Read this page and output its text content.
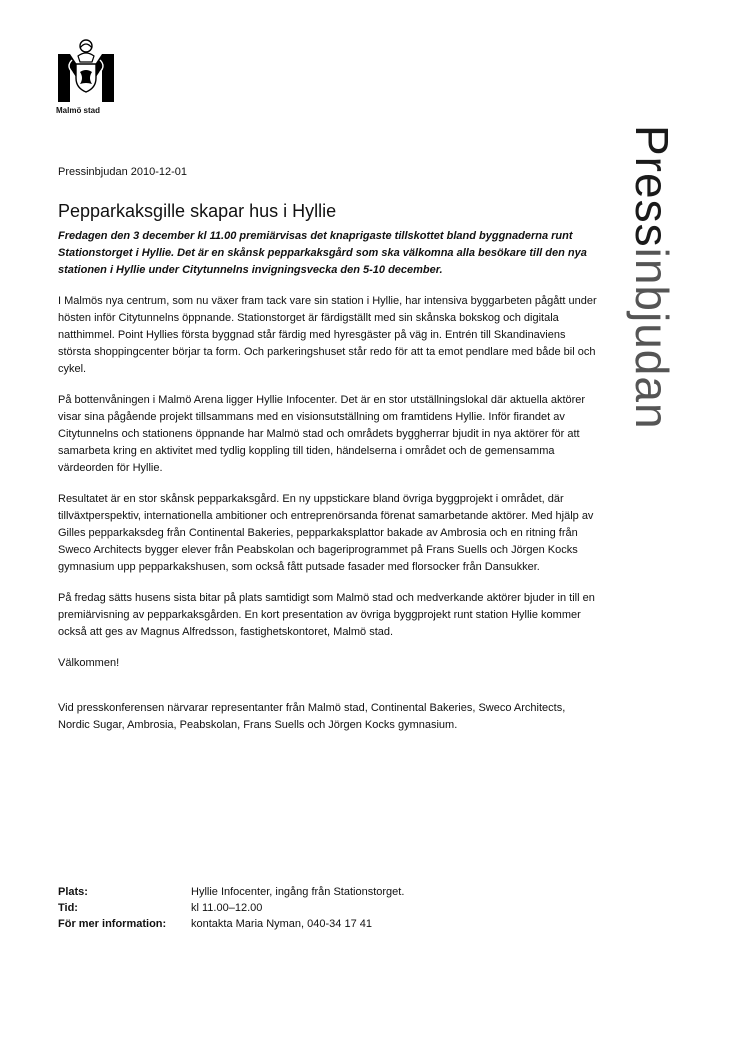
Malmö stad
Pressinbjudan

Pressinbjudan 2010-12-01

Pepparkaksgille skapar hus i Hyllie

Fredagen den 3 december kl 11.00 premiärvisas det knaprigaste tillskottet bland byggnaderna runt Stationstorget i Hyllie. Det är en skånsk pepparkaksgård som ska välkomna alla besökare till den nya stationen i Hyllie under Citytunnelns invigningsvecka den 5-10 december.

I Malmös nya centrum, som nu växer fram tack vare sin station i Hyllie, har intensiva byggarbeten pågått under hösten inför Citytunnelns öppnande. Stationstorget är färdigställt med sin skånska bokskog och digitala natthimmel. Point Hyllies första byggnad står färdig med hyresgäster på väg in. Entrén till Skandinaviens största shoppingcenter börjar ta form. Och parkeringshuset står redo för att ta emot pendlare med både bil och cykel.

På bottenvåningen i Malmö Arena ligger Hyllie Infocenter. Det är en stor utställningslokal där aktuella aktörer visar sina pågående projekt tillsammans med en visionsutställning om framtidens Hyllie. Inför firandet av Citytunnelns och stationens öppnande har Malmö stad och områdets byggherrar bjudit in nya aktörer för att samarbeta kring en aktivitet med tydlig koppling till tiden, händelserna i området och de gemensamma värdeorden för Hyllie.

Resultatet är en stor skånsk pepparkaksgård. En ny uppstickare bland övriga byggprojekt i området, där tillväxtperspektiv, internationella ambitioner och entreprenörsanda förenat samarbetande aktörer. Med hjälp av Gilles pepparkaksdeg från Continental Bakeries, pepparkaksplattor bakade av Ambrosia och en ritning från Sweco Architects bygger elever från Peabskolan och bageriprogrammet på Frans Suells och Jörgen Kocks gymnasium upp pepparkakshusen, som också fått putsade fasader med florsocker från Dansukker.

På fredag sätts husens sista bitar på plats samtidigt som Malmö stad och medverkande aktörer bjuder in till en premiärvisning av pepparkaksgården. En kort presentation av övriga byggprojekt runt station Hyllie kommer också att ges av Magnus Alfredsson, fastighetskontoret, Malmö stad.

Välkommen!

Vid presskonferensen närvarar representanter från Malmö stad, Continental Bakeries, Sweco Architects, Nordic Sugar, Ambrosia, Peabskolan, Frans Suells och Jörgen Kocks gymnasium.

Plats:	Hyllie Infocenter, ingång från Stationstorget.
Tid:	kl 11.00–12.00
För mer information:	kontakta Maria Nyman, 040-34 17 41
